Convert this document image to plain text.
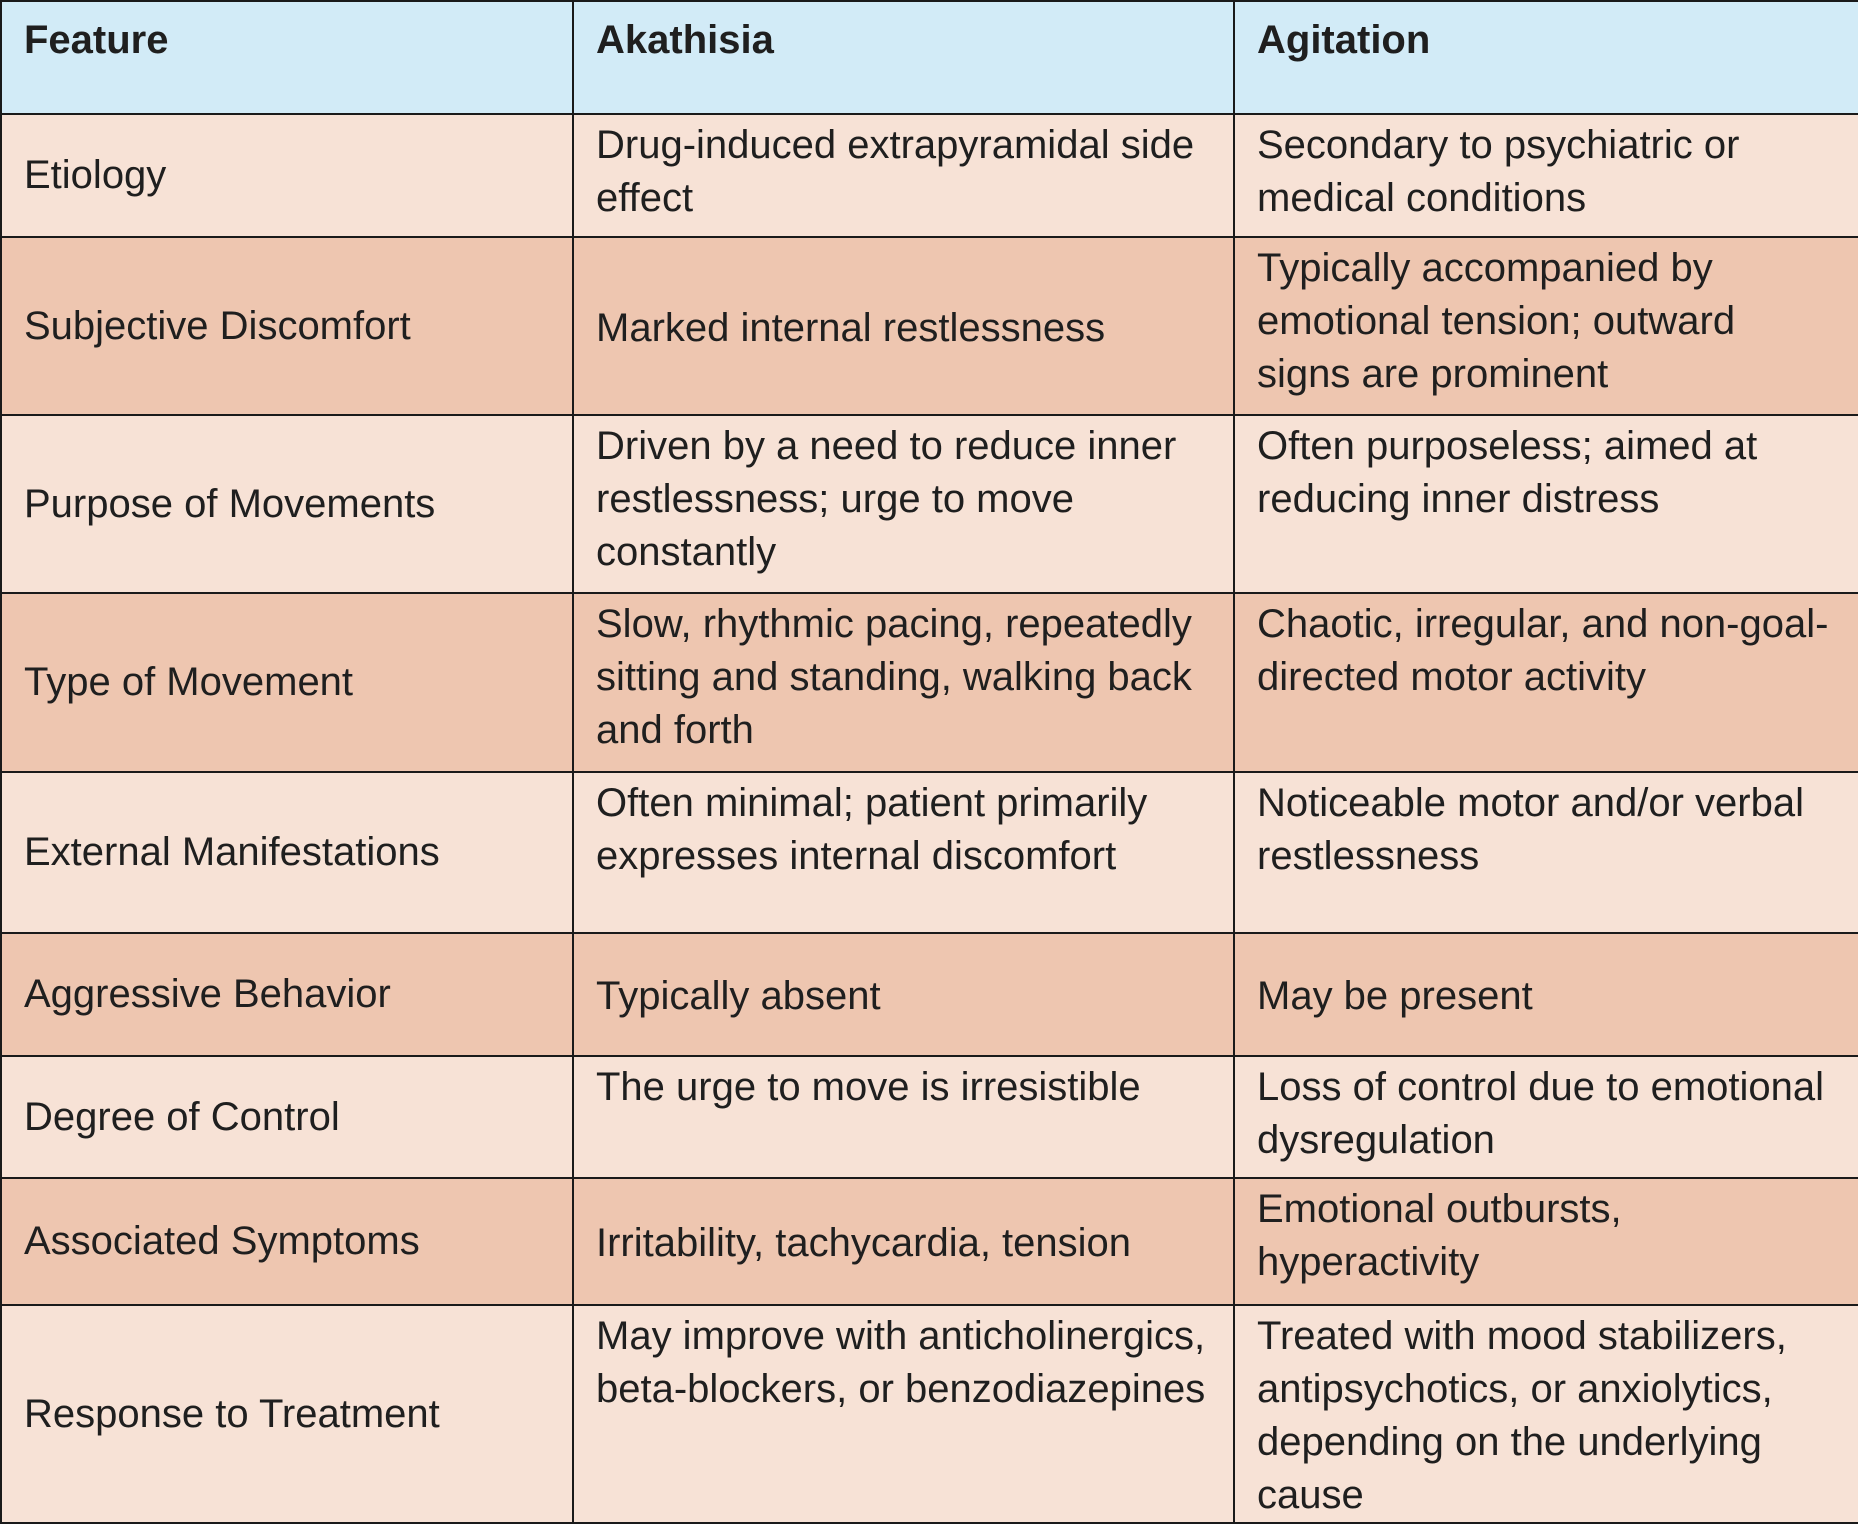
Feature	Akathisia	Agitation
Etiology	Drug-induced extrapyramidal side effect	Secondary to psychiatric or medical conditions
Subjective Discomfort	Marked internal restlessness	Typically accompanied by emotional tension; outward signs are prominent
Purpose of Movements	Driven by a need to reduce inner restlessness; urge to move constantly	Often purposeless; aimed at reducing inner distress
Type of Movement	Slow, rhythmic pacing, repeatedly sitting and standing, walking back and forth	Chaotic, irregular, and non-goal-directed motor activity
External Manifestations	Often minimal; patient primarily expresses internal discomfort	Noticeable motor and/or verbal restlessness
Aggressive Behavior	Typically absent	May be present
Degree of Control	The urge to move is irresistible	Loss of control due to emotional dysregulation
Associated Symptoms	Irritability, tachycardia, tension	Emotional outbursts, hyperactivity
Response to Treatment	May improve with anticholinergics, beta-blockers, or benzodiazepines	Treated with mood stabilizers, antipsychotics, or anxiolytics, depending on the underlying cause
